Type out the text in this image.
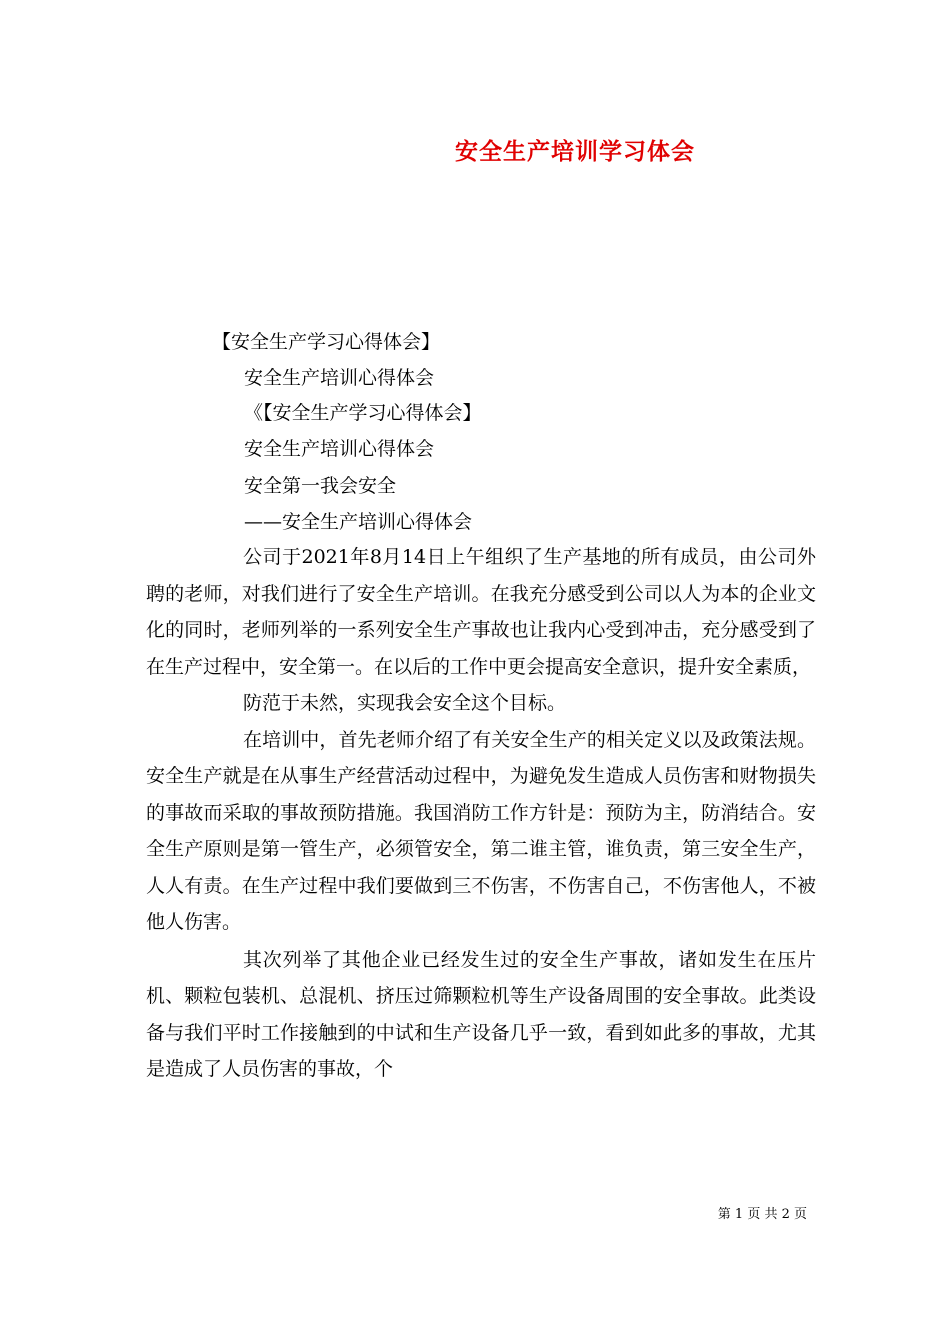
安全生产培训学习体会
【安全生产学习心得体会】
安全生产培训心得体会
《【安全生产学习心得体会】
安全生产培训心得体会
安全第一我会安全
——安全生产培训心得体会

公司于2021年8月14日上午组织了生产基地的所有成员，由公司外聘的老师，对我们进行了安全生产培训。在我充分感受到公司以人为本的企业文化的同时，老师列举的一系列安全生产事故也让我内心受到冲击，充分感受到了在生产过程中，安全第一。在以后的工作中更会提高安全意识，提升安全素质，

防范于未然，实现我会安全这个目标。

在培训中，首先老师介绍了有关安全生产的相关定义以及政策法规。安全生产就是在从事生产经营活动过程中，为避免发生造成人员伤害和财物损失的事故而采取的事故预防措施。我国消防工作方针是：预防为主，防消结合。安全生产原则是第一管生产，必须管安全，第二谁主管，谁负责，第三安全生产，人人有责。在生产过程中我们要做到三不伤害，不伤害自己，不伤害他人，不被他人伤害。

其次列举了其他企业已经发生过的安全生产事故，诸如发生在压片机、颗粒包装机、总混机、挤压过筛颗粒机等生产设备周围的安全事故。此类设备与我们平时工作接触到的中试和生产设备几乎一致，看到如此多的事故，尤其是造成了人员伤害的事故，个

第 1 页 共 2 页
